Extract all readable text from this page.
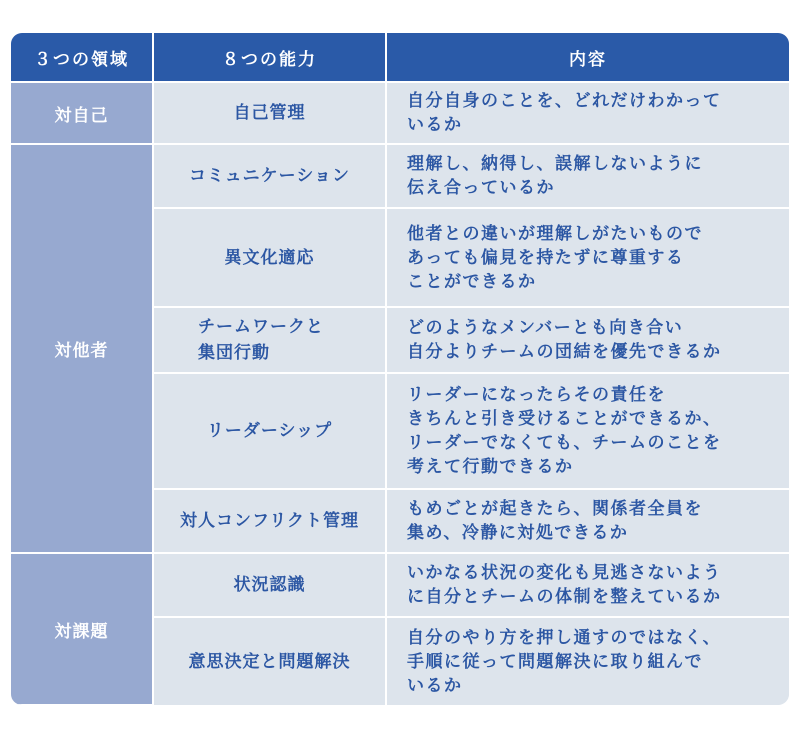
３つの領域	８つの能力	内容
対自己	自己管理	自分自身のことを、どれだけわかって
いるか

対他者	コミュニケーション	理解し、納得し、誤解しないように
伝え合っているか

	異文化適応	他者との違いが理解しがたいもので
あっても偏見を持たずに尊重する
ことができるか

	チームワークと
集団行動	どのようなメンバーとも向き合い
自分よりチームの団結を優先できるか

	リーダーシップ	リーダーになったらその責任を
きちんと引き受けることができるか、
リーダーでなくても、チームのことを
考えて行動できるか

	対人コンフリクト管理	もめごとが起きたら、関係者全員を
集め、冷静に対処できるか

対課題	状況認識	いかなる状況の変化も見逃さないよう
に自分とチームの体制を整えているか

	意思決定と問題解決	自分のやり方を押し通すのではなく、
手順に従って問題解決に取り組んで
いるか
